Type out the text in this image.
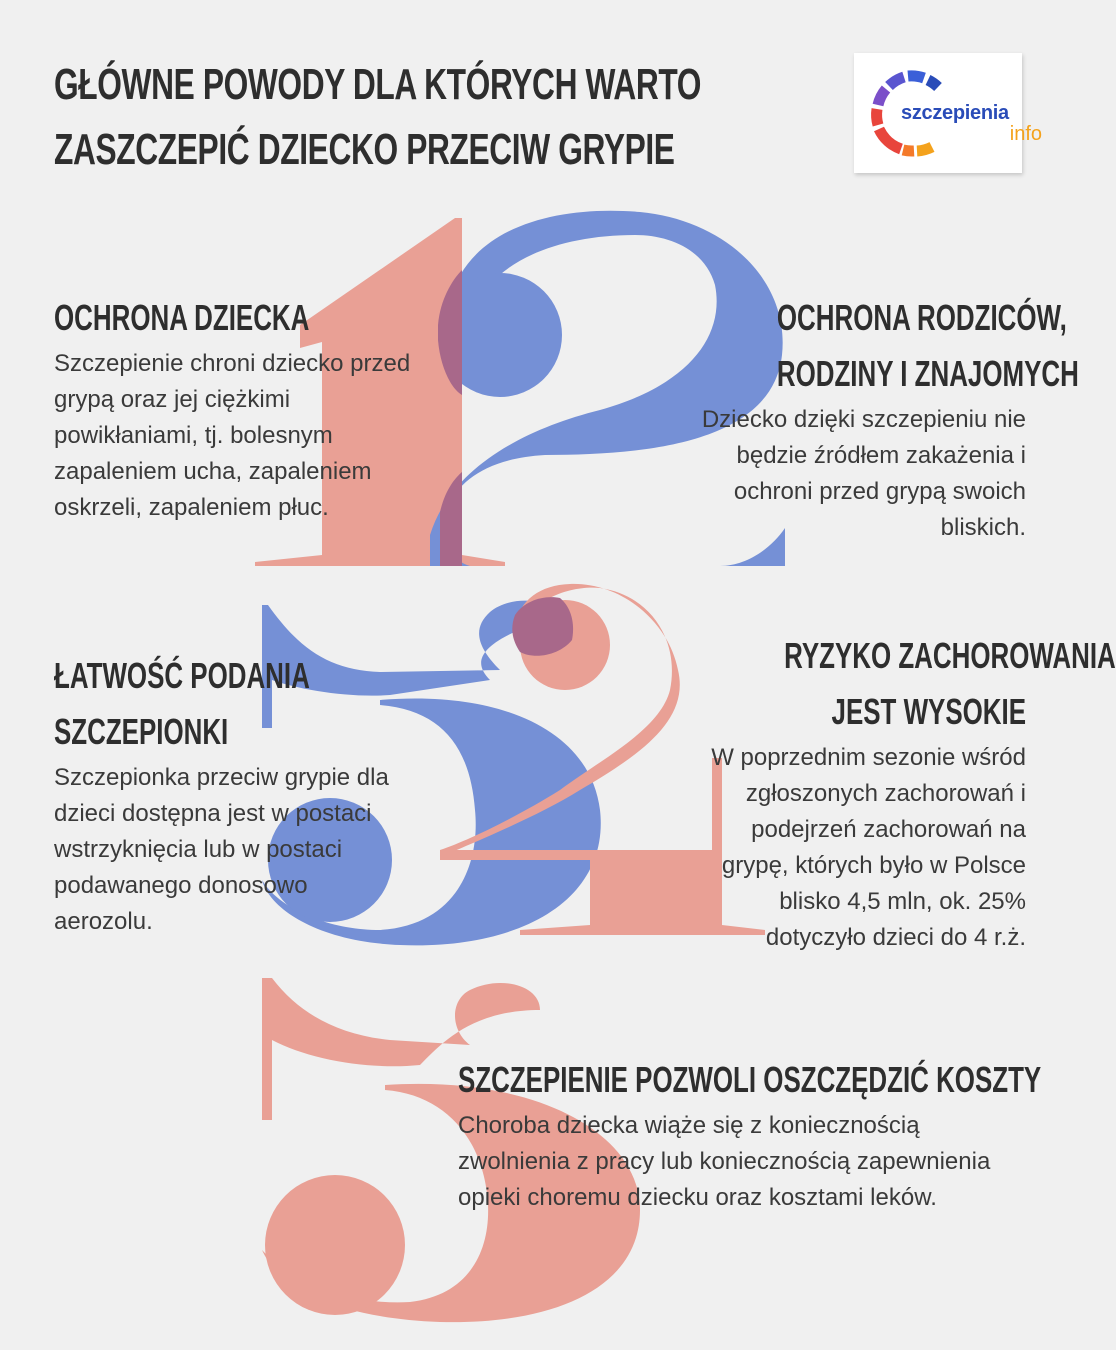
GŁÓWNE POWODY DLA KTÓRYCH WARTO
ZASZCZEPIĆ DZIECKO PRZECIW GRYPIE
szczepienia
info
OCHRONA DZIECKA

Szczepienie chroni dziecko przed grypą oraz jej ciężkimi powikłaniami, tj. bolesnym zapaleniem ucha, zapaleniem oskrzeli, zapaleniem płuc.

OCHRONA RODZICÓW,
RODZINY I ZNAJOMYCH

Dziecko dzięki szczepieniu nie będzie źródłem zakażenia i ochroni przed grypą swoich bliskich.

ŁATWOŚĆ PODANIA
SZCZEPIONKI

Szczepionka przeciw grypie dla dzieci dostępna jest w postaci wstrzyknięcia lub w postaci podawanego donosowo aerozolu.

RYZYKO ZACHOROWANIA
JEST WYSOKIE

W poprzednim sezonie wśród zgłoszonych zachorowań i podejrzeń zachorowań na grypę, których było w Polsce blisko 4,5 mln, ok. 25% dotyczyło dzieci do 4 r.ż.

SZCZEPIENIE POZWOLI OSZCZĘDZIĆ KOSZTY

Choroba dziecka wiąże się z koniecznością zwolnienia z pracy lub koniecznością zapewnienia opieki choremu dziecku oraz kosztami leków.
